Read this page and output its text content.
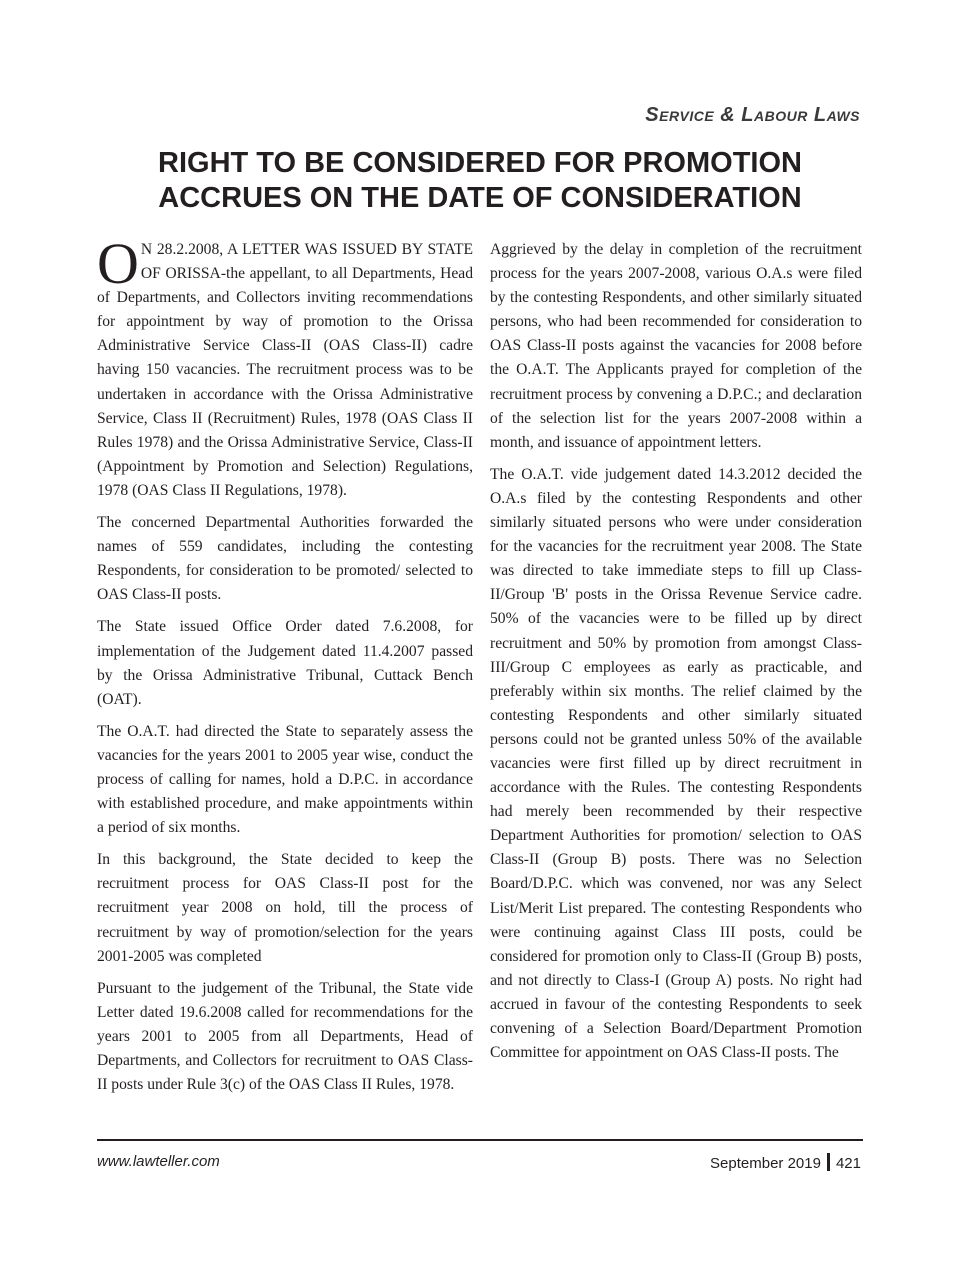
Service & Labour Laws
RIGHT TO BE CONSIDERED FOR PROMOTION
ACCRUES ON THE DATE OF CONSIDERATION

O N 28.2.2008, A LETTER WAS ISSUED BY STATE OF ORISSA-the appellant, to all Departments, Head of Departments, and Collectors inviting recommendations for appointment by way of promotion to the Orissa Administrative Service Class-II (OAS Class-II) cadre having 150 vacancies. The recruitment process was to be undertaken in accordance with the Orissa Administrative Service, Class II (Recruitment) Rules, 1978 (OAS Class II Rules 1978) and the Orissa Administrative Service, Class-II (Appointment by Promotion and Selection) Regulations, 1978 (OAS Class II Regulations, 1978).

The concerned Departmental Authorities forwarded the names of 559 candidates, including the contesting Respondents, for consideration to be promoted/ selected to OAS Class-II posts.

The State issued Office Order dated 7.6.2008, for implementation of the Judgement dated 11.4.2007 passed by the Orissa Administrative Tribunal, Cuttack Bench (OAT).

The O.A.T. had directed the State to separately assess the vacancies for the years 2001 to 2005 year wise, conduct the process of calling for names, hold a D.P.C. in accordance with established procedure, and make appointments within a period of six months.

In this background, the State decided to keep the recruitment process for OAS Class-II post for the recruitment year 2008 on hold, till the process of recruitment by way of promotion/selection for the years 2001-2005 was completed

Pursuant to the judgement of the Tribunal, the State vide Letter dated 19.6.2008 called for recommendations for the years 2001 to 2005 from all Departments, Head of Departments, and Collectors for recruitment to OAS Class-II posts under Rule 3(c) of the OAS Class II Rules, 1978.

Aggrieved by the delay in completion of the recruitment process for the years 2007-2008, various O.A.s were filed by the contesting Respondents, and other similarly situated persons, who had been recommended for consideration to OAS Class-II posts against the vacancies for 2008 before the O.A.T. The Applicants prayed for completion of the recruitment process by convening a D.P.C.; and declaration of the selection list for the years 2007-2008 within a month, and issuance of appointment letters.

The O.A.T. vide judgement dated 14.3.2012 decided the O.A.s filed by the contesting Respondents and other similarly situated persons who were under consideration for the vacancies for the recruitment year 2008. The State was directed to take immediate steps to fill up Class-II/Group 'B' posts in the Orissa Revenue Service cadre. 50% of the vacancies were to be filled up by direct recruitment and 50% by promotion from amongst Class-III/Group C employees as early as practicable, and preferably within six months. The relief claimed by the contesting Respondents and other similarly situated persons could not be granted unless 50% of the available vacancies were first filled up by direct recruitment in accordance with the Rules. The contesting Respondents had merely been recommended by their respective Department Authorities for promotion/ selection to OAS Class-II (Group B) posts. There was no Selection Board/D.P.C. which was convened, nor was any Select List/Merit List prepared. The contesting Respondents who were continuing against Class III posts, could be considered for promotion only to Class-II (Group B) posts, and not directly to Class-I (Group A) posts. No right had accrued in favour of the contesting Respondents to seek convening of a Selection Board/Department Promotion Committee for appointment on OAS Class-II posts. The

www.lawteller.com	September 2019 421
